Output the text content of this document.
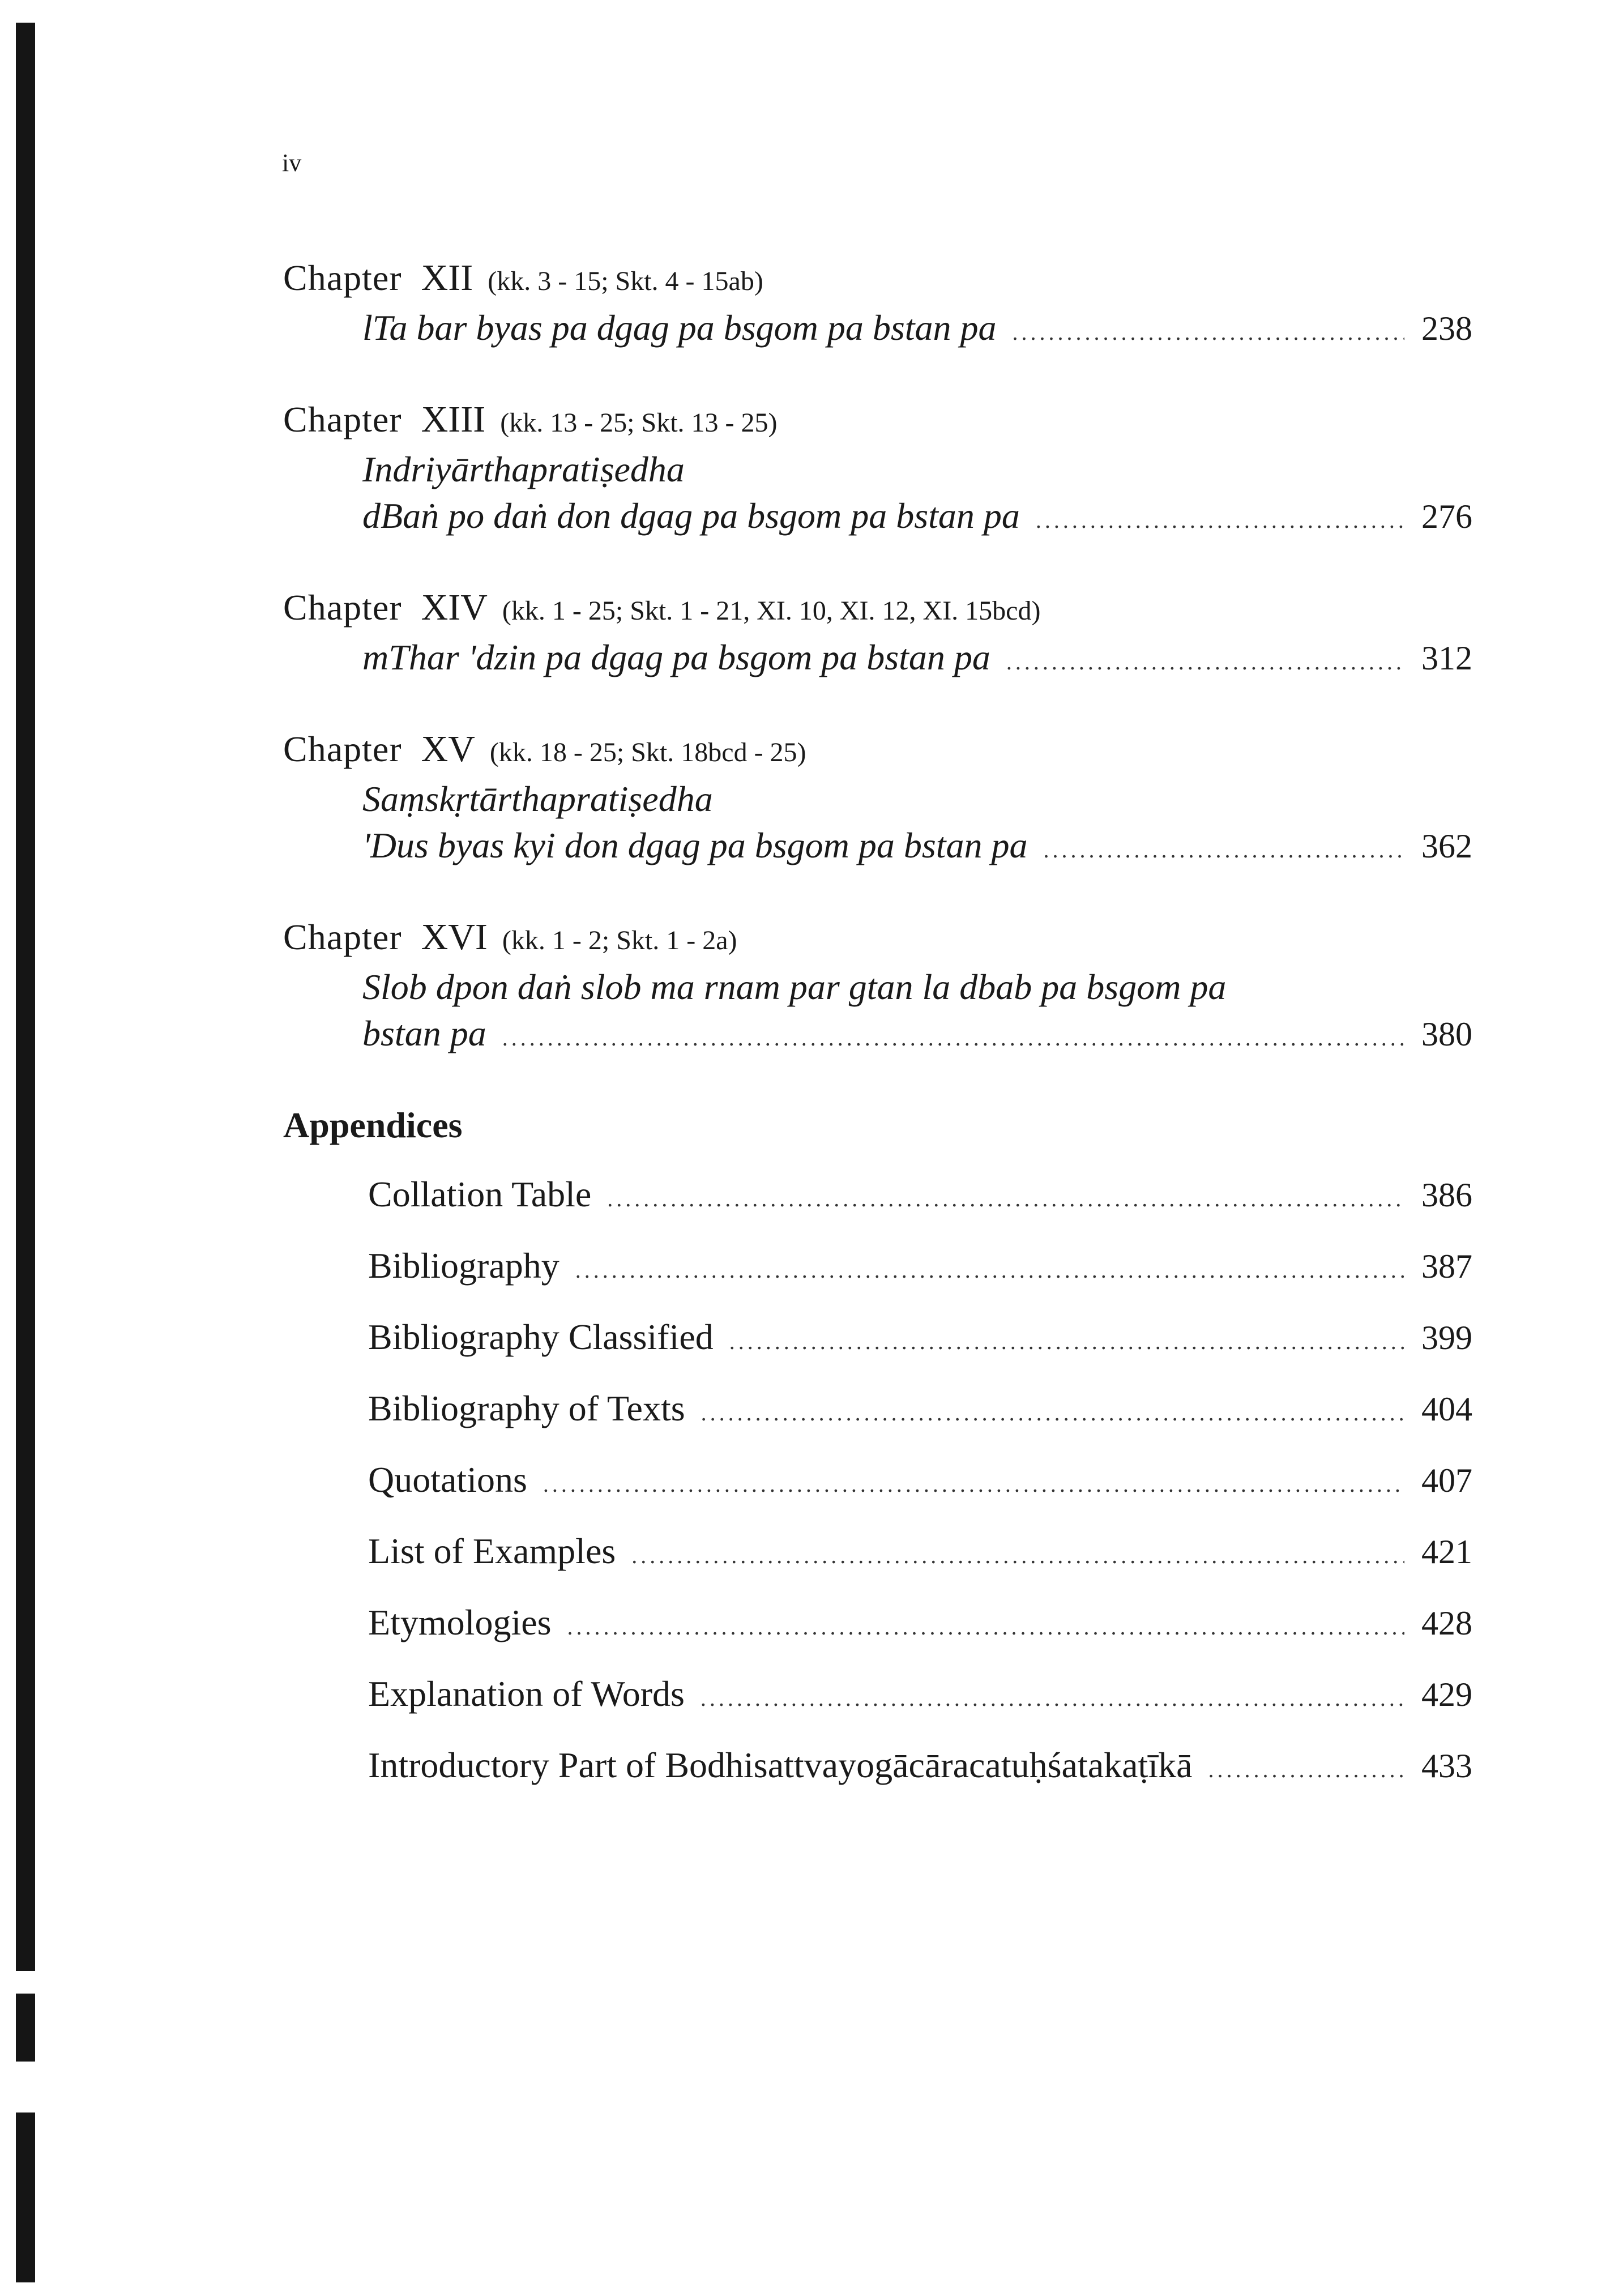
iv
Chapter XII (kk. 3 - 15; Skt. 4 - 15ab)
lTa bar byas pa dgag pa bsgom pa bstan pa .....	238
Chapter XIII (kk. 13 - 25; Skt. 13 - 25)
Indriyārthapratiṣedha
dBaṅ po daṅ don dgag pa bsgom pa bstan pa .....	276
Chapter XIV (kk. 1 - 25; Skt. 1 - 21, XI. 10, XI. 12, XI. 15bcd)
mThar 'dzin pa dgag pa bsgom pa bstan pa .....	312
Chapter XV (kk. 18 - 25; Skt. 18bcd - 25)
Saṃskṛtārthapratiṣedha
'Dus byas kyi don dgag pa bsgom pa bstan pa .....	362
Chapter XVI (kk. 1 - 2; Skt. 1 - 2a)
Slob dpon daṅ slob ma rnam par gtan la dbab pa bsgom pa
bstan pa .....	380
Appendices
Collation Table .....	386
Bibliography .....	387
Bibliography Classified .....	399
Bibliography of Texts .....	404
Quotations .....	407
List of Examples .....	421
Etymologies .....	428
Explanation of Words .....	429
Introductory Part of Bodhisattvayogācāracatuḥśatakaṭīkā .....	433
